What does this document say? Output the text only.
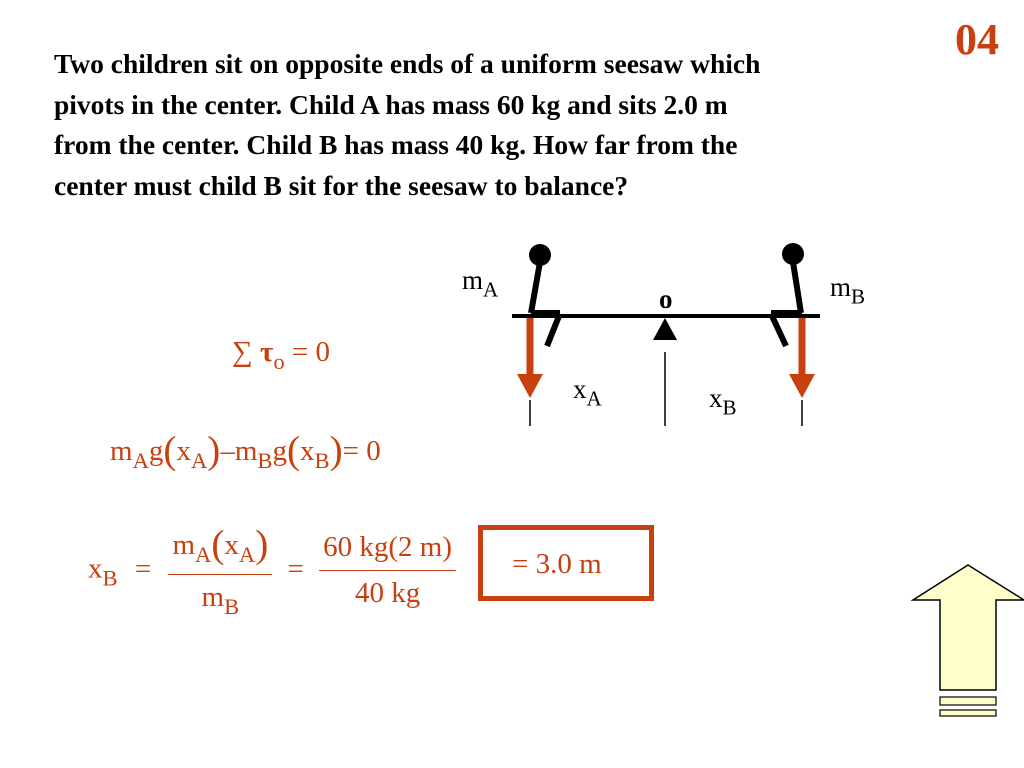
04
Two children sit on opposite ends of a uniform seesaw which
pivots in the center. Child A has mass 60 kg and sits 2.0 m
from the center. Child B has mass 40 kg. How far from the
center must child B sit for the seesaw to balance?
$m_A$	$m_B$
o
$x_A$	$x_B$
∑ $\tau_o = 0$
$m_Ag(x_A)-m_Bg(x_B)= 0$
$x_B = \frac{m_A(x_A)}{m_B} = \frac{60 kg(2 m)}{40 kg} = 3.0$ m
